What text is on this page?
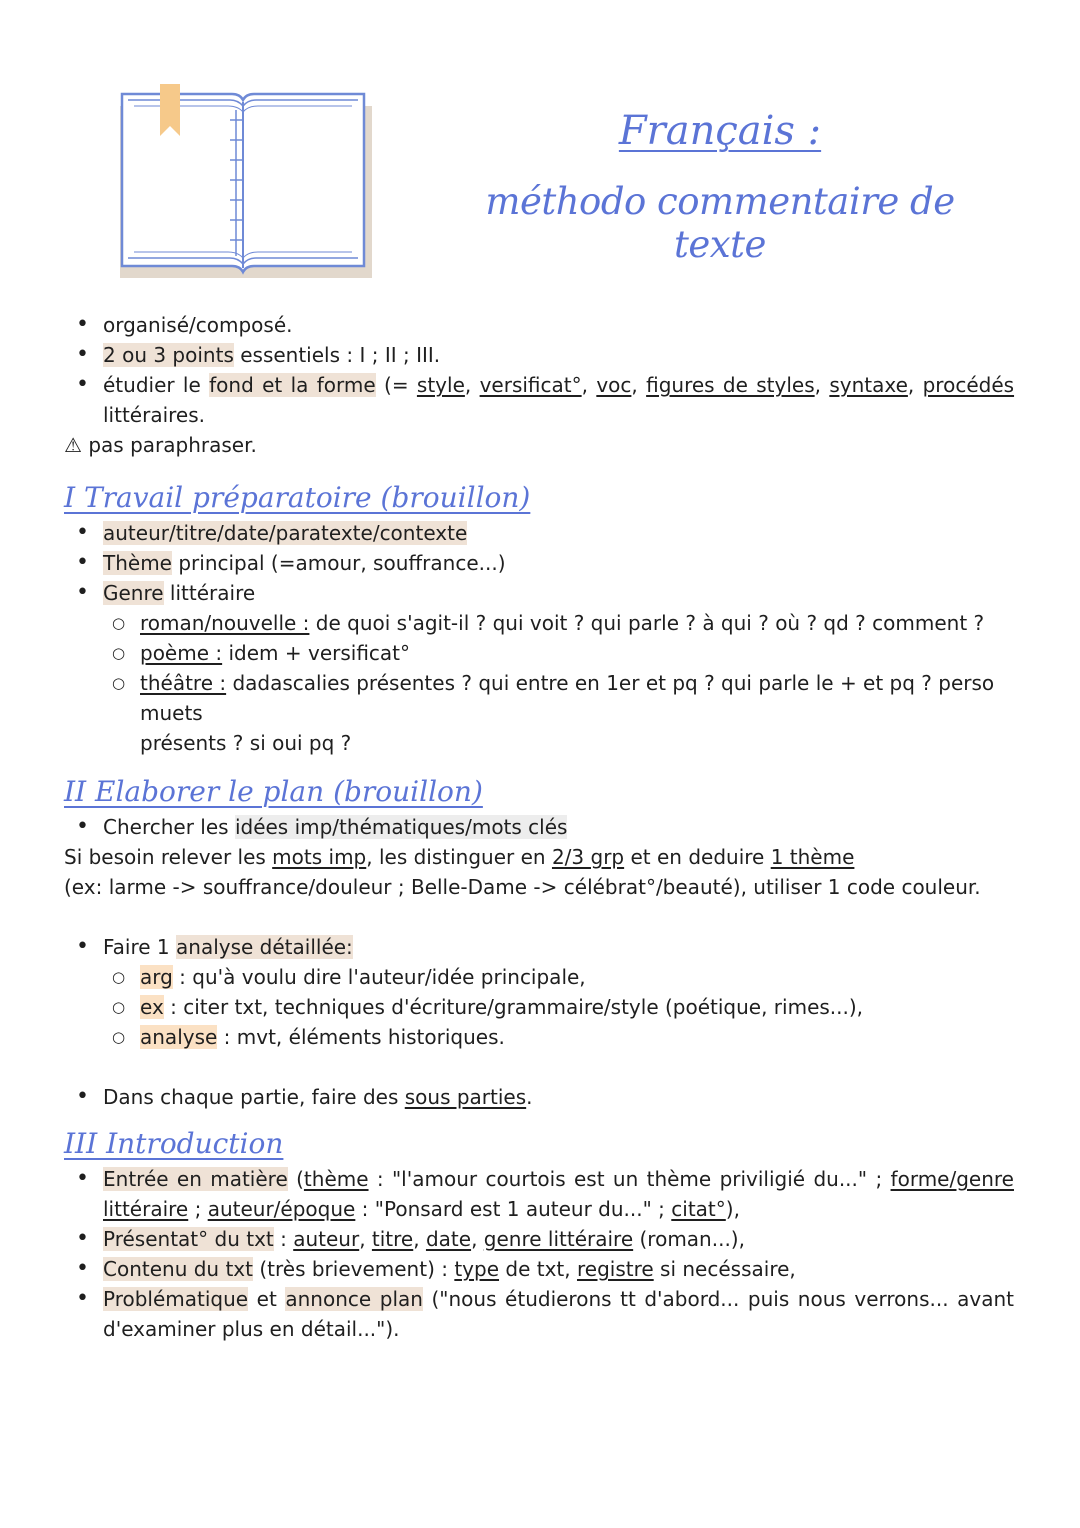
Français :
méthodo commentaire de texte
• organisé/composé.
• 2 ou 3 points essentiels : I ; II ; III.
• étudier le fond et la forme (= style, versificat°, voc, figures de styles, syntaxe, procédés
littéraires.
⚠ pas paraphraser.
I Travail préparatoire (brouillon)
• auteur/titre/date/paratexte/contexte
• Thème principal (=amour, souffrance...)
• Genre littéraire
○ roman/nouvelle : de quoi s'agit-il ? qui voit ? qui parle ? à qui ? où ? qd ? comment ?
○ poème : idem + versificat°
○ théâtre : dadascalies présentes ? qui entre en 1er et pq ? qui parle le + et pq ? perso muets
présents ? si oui pq ?
II Elaborer le plan (brouillon)
• Chercher les idées imp/thématiques/mots clés
Si besoin relever les mots imp, les distinguer en 2/3 grp et en deduire 1 thème
(ex: larme -> souffrance/douleur ; Belle-Dame -> célébrat°/beauté), utiliser 1 code couleur.
• Faire 1 analyse détaillée:
○ arg : qu'à voulu dire l'auteur/idée principale,
○ ex : citer txt, techniques d'écriture/grammaire/style (poétique, rimes...),
○ analyse : mvt, éléments historiques.
• Dans chaque partie, faire des sous parties.
III Introduction
• Entrée en matière (thème : "l'amour courtois est un thème priviligié du..." ; forme/genre
littéraire ; auteur/époque : "Ponsard est 1 auteur du..." ; citat°),
• Présentat° du txt : auteur, titre, date, genre littéraire (roman...),
• Contenu du txt (très brievement) : type de txt, registre si necéssaire,
• Problématique et annonce plan ("nous étudierons tt d'abord... puis nous verrons... avant
d'examiner plus en détail...").
